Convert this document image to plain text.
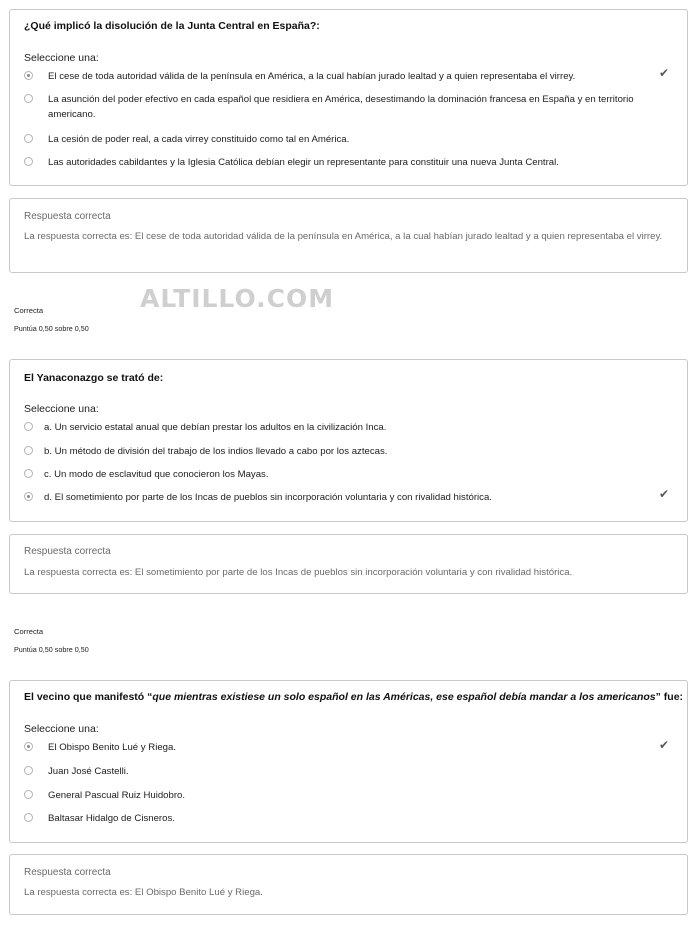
¿Qué implicó la disolución de la Junta Central en España?:
Seleccione una:
El cese de toda autoridad válida de la península en América, a la cual habían jurado lealtad y a quien representaba el virrey.	✔
La asunción del poder efectivo en cada español que residiera en América, desestimando la dominación francesa en España y en territorio americano.
La cesión de poder real, a cada virrey constituido como tal en América.
Las autoridades cabildantes y la Iglesia Católica debían elegir un representante para constituir una nueva Junta Central.
Respuesta correcta
La respuesta correcta es: El cese de toda autoridad válida de la península en América, a la cual habían jurado lealtad y a quien representaba el virrey.
ALTILLO.COM
Correcta
Puntúa 0,50 sobre 0,50
El Yanaconazgo se trató de:
Seleccione una:
a. Un servicio estatal anual que debían prestar los adultos en la civilización Inca.
b. Un método de división del trabajo de los indios llevado a cabo por los aztecas.
c. Un modo de esclavitud que conocieron los Mayas.
d. El sometimiento por parte de los Incas de pueblos sin incorporación voluntaria y con rivalidad histórica.	✔
Respuesta correcta
La respuesta correcta es: El sometimiento por parte de los Incas de pueblos sin incorporación voluntaria y con rivalidad histórica.
Correcta
Puntúa 0,50 sobre 0,50
El vecino que manifestó “que mientras existiese un solo español en las Américas, ese español debía mandar a los americanos” fue:
Seleccione una:
El Obispo Benito Lué y Riega.	✔
Juan José Castelli.
General Pascual Ruiz Huidobro.
Baltasar Hidalgo de Cisneros.
Respuesta correcta
La respuesta correcta es: El Obispo Benito Lué y Riega.
